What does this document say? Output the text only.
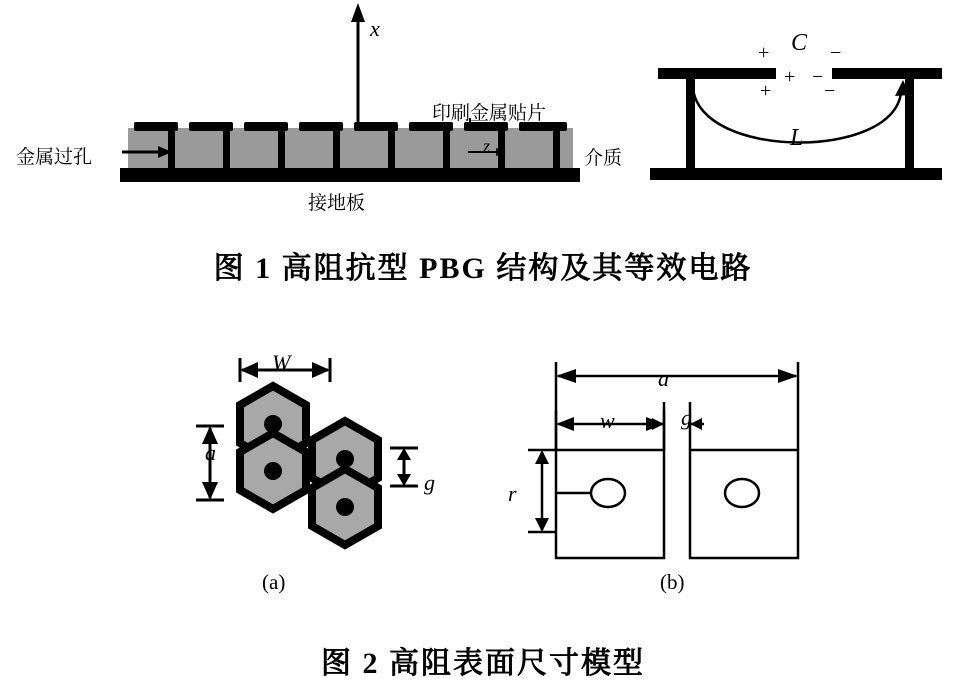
印刷金属贴片
金属过孔	介质
接地板
x
z
C
L
+
+
+
−
−
−
图 1 高阻抗型 PBG 结构及其等效电路
W
a
g
a
w	g
r
(a)	(b)
图 2 高阻表面尺寸模型
